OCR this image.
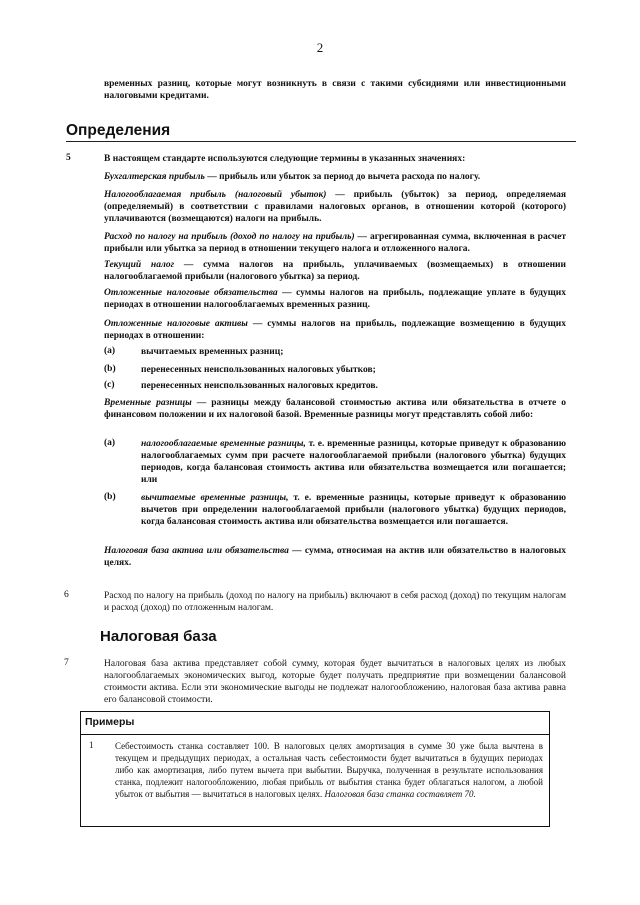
2
временных разниц, которые могут возникнуть в связи с такими субсидиями или инвестиционными налоговыми кредитами.
Определения
5	В настоящем стандарте используются следующие термины в указанных значениях:
Бухгалтерская прибыль — прибыль или убыток за период до вычета расхода по налогу.
Налогооблагаемая прибыль (налоговый убыток) — прибыль (убыток) за период, определяемая (определяемый) в соответствии с правилами налоговых органов, в отношении которой (которого) уплачиваются (возмещаются) налоги на прибыль.
Расход по налогу на прибыль (доход по налогу на прибыль) — агрегированная сумма, включенная в расчет прибыли или убытка за период в отношении текущего налога и отложенного налога.
Текущий налог — сумма налогов на прибыль, уплачиваемых (возмещаемых) в отношении налогооблагаемой прибыли (налогового убытка) за период.
Отложенные налоговые обязательства — суммы налогов на прибыль, подлежащие уплате в будущих периодах в отношении налогооблагаемых временных разниц.
Отложенные налоговые активы — суммы налогов на прибыль, подлежащие возмещению в будущих периодах в отношении:
(a)	вычитаемых временных разниц;
(b)	перенесенных неиспользованных налоговых убытков;
(c)	перенесенных неиспользованных налоговых кредитов.
Временные разницы — разницы между балансовой стоимостью актива или обязательства в отчете о финансовом положении и их налоговой базой. Временные разницы могут представлять собой либо:
(a)	налогооблагаемые временные разницы, т. е. временные разницы, которые приведут к образованию налогооблагаемых сумм при расчете налогооблагаемой прибыли (налогового убытка) будущих периодов, когда балансовая стоимость актива или обязательства возмещается или погашается; или
(b)	вычитаемые временные разницы, т. е. временные разницы, которые приведут к образованию вычетов при определении налогооблагаемой прибыли (налогового убытка) будущих периодов, когда балансовая стоимость актива или обязательства возмещается или погашается.
Налоговая база актива или обязательства — сумма, относимая на актив или обязательство в налоговых целях.
6	Расход по налогу на прибыль (доход по налогу на прибыль) включают в себя расход (доход) по текущим налогам и расход (доход) по отложенным налогам.
Налоговая база
7	Налоговая база актива представляет собой сумму, которая будет вычитаться в налоговых целях из любых налогооблагаемых экономических выгод, которые будет получать предприятие при возмещении балансовой стоимости актива. Если эти экономические выгоды не подлежат налогообложению, налоговая база актива равна его балансовой стоимости.
Примеры
1 Себестоимость станка составляет 100. В налоговых целях амортизация в сумме 30 уже была вычтена в текущем и предыдущих периодах, а остальная часть себестоимости будет вычитаться в будущих периодах либо как амортизация, либо путем вычета при выбытии. Выручка, полученная в результате использования станка, подлежит налогообложению, любая прибыль от выбытия станка будет облагаться налогом, а любой убыток от выбытия — вычитаться в налоговых целях. Налоговая база станка составляет 70.
